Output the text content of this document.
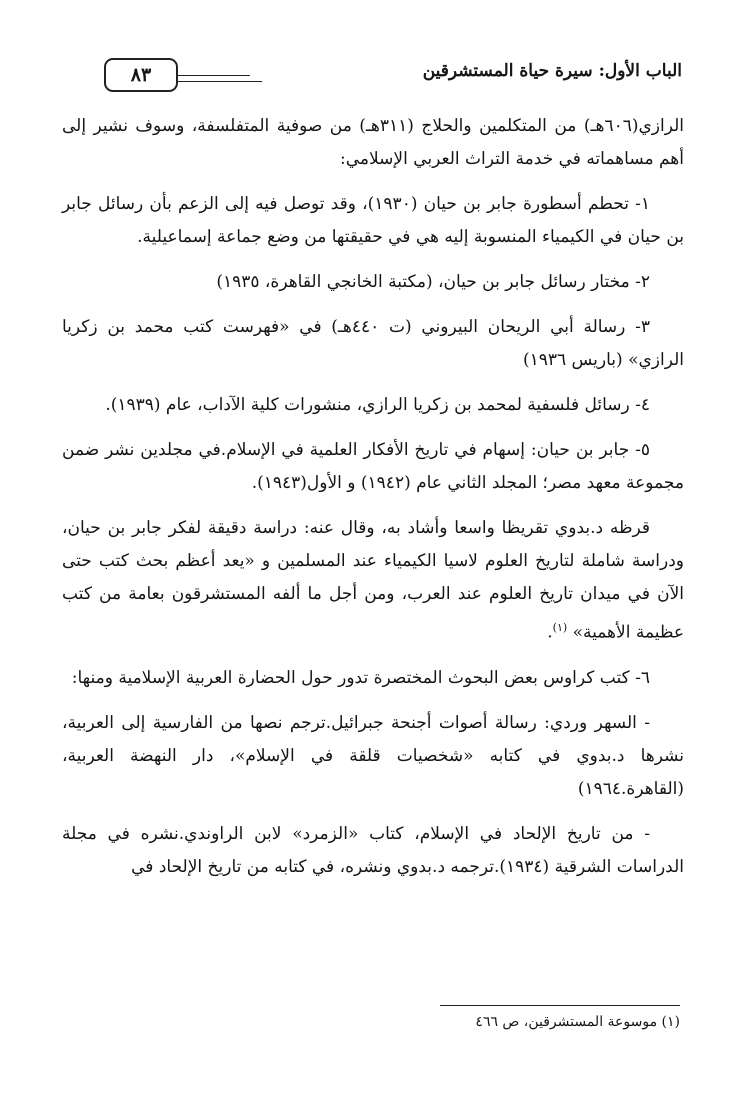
الباب الأول: سيرة حياة المستشرقين
٨٣

الرازي(٦٠٦هـ) من المتكلمين والحلاج (٣١١هـ) من صوفية المتفلسفة، وسوف نشير إلى أهم مساهماته في خدمة التراث العربي الإسلامي:

١- تحطم أسطورة جابر بن حيان (١٩٣٠)، وقد توصل فيه إلى الزعم بأن رسائل جابر بن حيان في الكيمياء المنسوبة إليه هي في حقيقتها من وضع جماعة إسماعيلية.

٢- مختار رسائل جابر بن حيان، (مكتبة الخانجي القاهرة، ١٩٣٥)

٣- رسالة أبي الريحان البيروني (ت ٤٤٠هـ) في «فهرست كتب محمد بن زكريا الرازي» (باريس ١٩٣٦)

٤- رسائل فلسفية لمحمد بن زكريا الرازي، منشورات كلية الآداب، عام (١٩٣٩).

٥- جابر بن حيان: إسهام في تاريخ الأفكار العلمية في الإسلام.في مجلدين نشر ضمن مجموعة معهد مصر؛ المجلد الثاني عام (١٩٤٢) و الأول(١٩٤٣).

قرظه د.بدوي تقريظا واسعا وأشاد به، وقال عنه: دراسة دقيقة لفكر جابر بن حيان، ودراسة شاملة لتاريخ العلوم لاسيا الكيمياء عند المسلمين و «يعد أعظم بحث كتب حتى الآن في ميدان تاريخ العلوم عند العرب، ومن أجل ما ألفه المستشرقون بعامة من كتب عظيمة الأهمية» $^{(١)}$.

٦- كتب كراوس بعض البحوث المختصرة تدور حول الحضارة العربية الإسلامية ومنها:

- السهر وردي: رسالة أصوات أجنحة جبرائيل.ترجم نصها من الفارسية إلى العربية، نشرها د.بدوي في كتابه «شخصيات قلقة في الإسلام»، دار النهضة العربية، (القاهرة.١٩٦٤)

- من تاريخ الإلحاد في الإسلام، كتاب «الزمرد» لابن الراوندي.نشره في مجلة الدراسات الشرقية (١٩٣٤).ترجمه د.بدوي ونشره، في كتابه من تاريخ الإلحاد في

(١) موسوعة المستشرقين، ص ٤٦٦
